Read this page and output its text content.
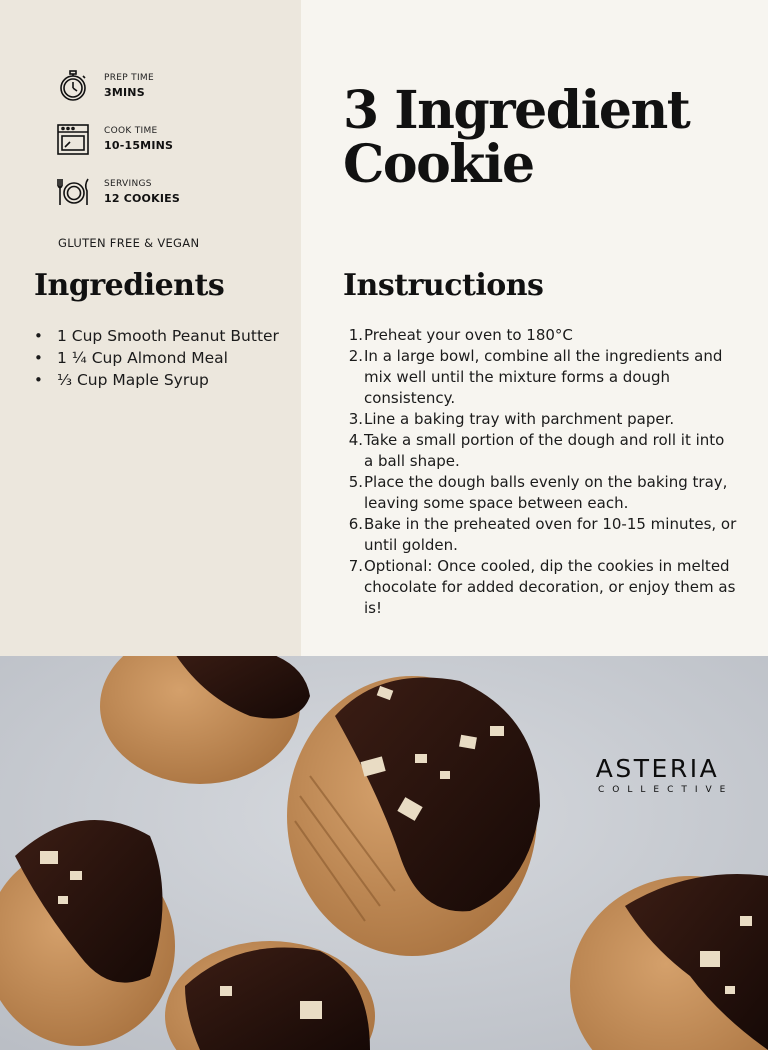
PREP TIME
3MINS
COOK TIME
10-15MINS
SERVINGS
12 COOKIES
GLUTEN FREE & VEGAN
3 Ingredient
Cookie
Ingredients
• 1 Cup Smooth Peanut Butter
• 1 ¼ Cup Almond Meal
• ⅓ Cup Maple Syrup
Instructions
1. Preheat your oven to 180°C
2. In a large bowl, combine all the ingredients and mix well until the mixture forms a dough consistency.
3. Line a baking tray with parchment paper.
4. Take a small portion of the dough and roll it into a ball shape.
5. Place the dough balls evenly on the baking tray, leaving some space between each.
6. Bake in the preheated oven for 10-15 minutes, or until golden.
7. Optional: Once cooled, dip the cookies in melted chocolate for added decoration, or enjoy them as is!
ASTERIA
COLLECTIVE
